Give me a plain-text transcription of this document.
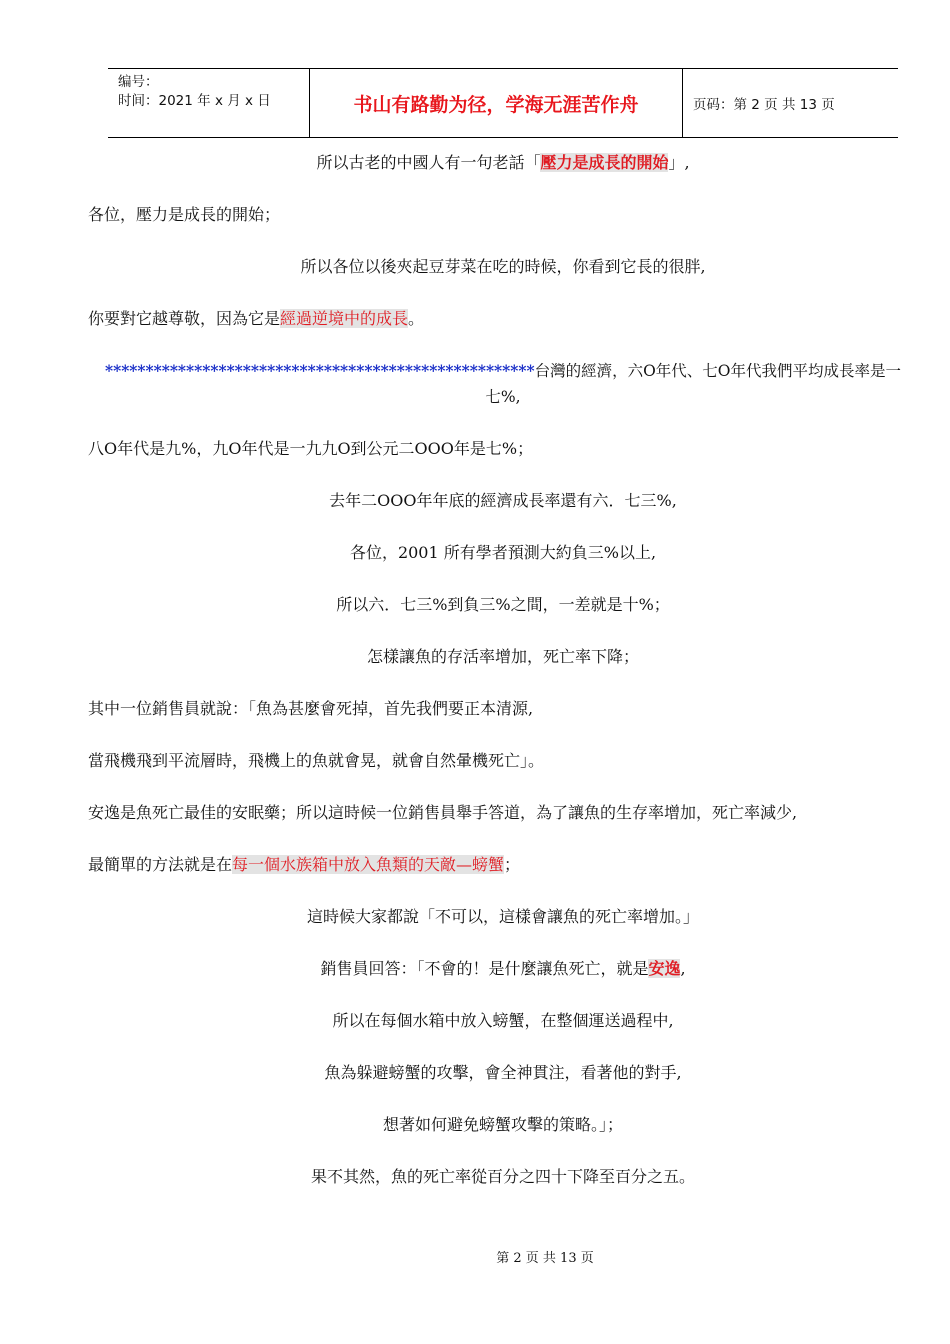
编号：
时间：2021 年 x 月 x 日	书山有路勤为径，学海无涯苦作舟	页码：第 2 页 共 13 页

所以古老的中國人有一句老話「壓力是成長的開始」,

各位，壓力是成長的開始；

所以各位以後夾起豆芽菜在吃的時候，你看到它長的很胖,

你要對它越尊敬，因為它是經過逆境中的成長。

*****************************************************台灣的經濟，六O年代、七O年代我們平均成長率是一七%,

八O年代是九%，九O年代是一九九O到公元二OOO年是七%；

去年二OOO年年底的經濟成長率還有六．七三%,

各位，2001 所有學者預測大約負三%以上,

所以六．七三%到負三%之間，一差就是十%；

怎樣讓魚的存活率增加，死亡率下降；

其中一位銷售員就說：「魚為甚麼會死掉，首先我們要正本清源,

當飛機飛到平流層時，飛機上的魚就會晃，就會自然暈機死亡」。

安逸是魚死亡最佳的安眠藥；所以這時候一位銷售員舉手答道，為了讓魚的生存率增加，死亡率減少,

最簡單的方法就是在每一個水族箱中放入魚類的天敵—螃蟹；

這時候大家都說「不可以，這樣會讓魚的死亡率增加。」

銷售員回答：「不會的！是什麼讓魚死亡，就是安逸,

所以在每個水箱中放入螃蟹，在整個運送過程中,

魚為躲避螃蟹的攻擊，會全神貫注，看著他的對手,

想著如何避免螃蟹攻擊的策略。」；

果不其然，魚的死亡率從百分之四十下降至百分之五。

第 2 页 共 13 页
